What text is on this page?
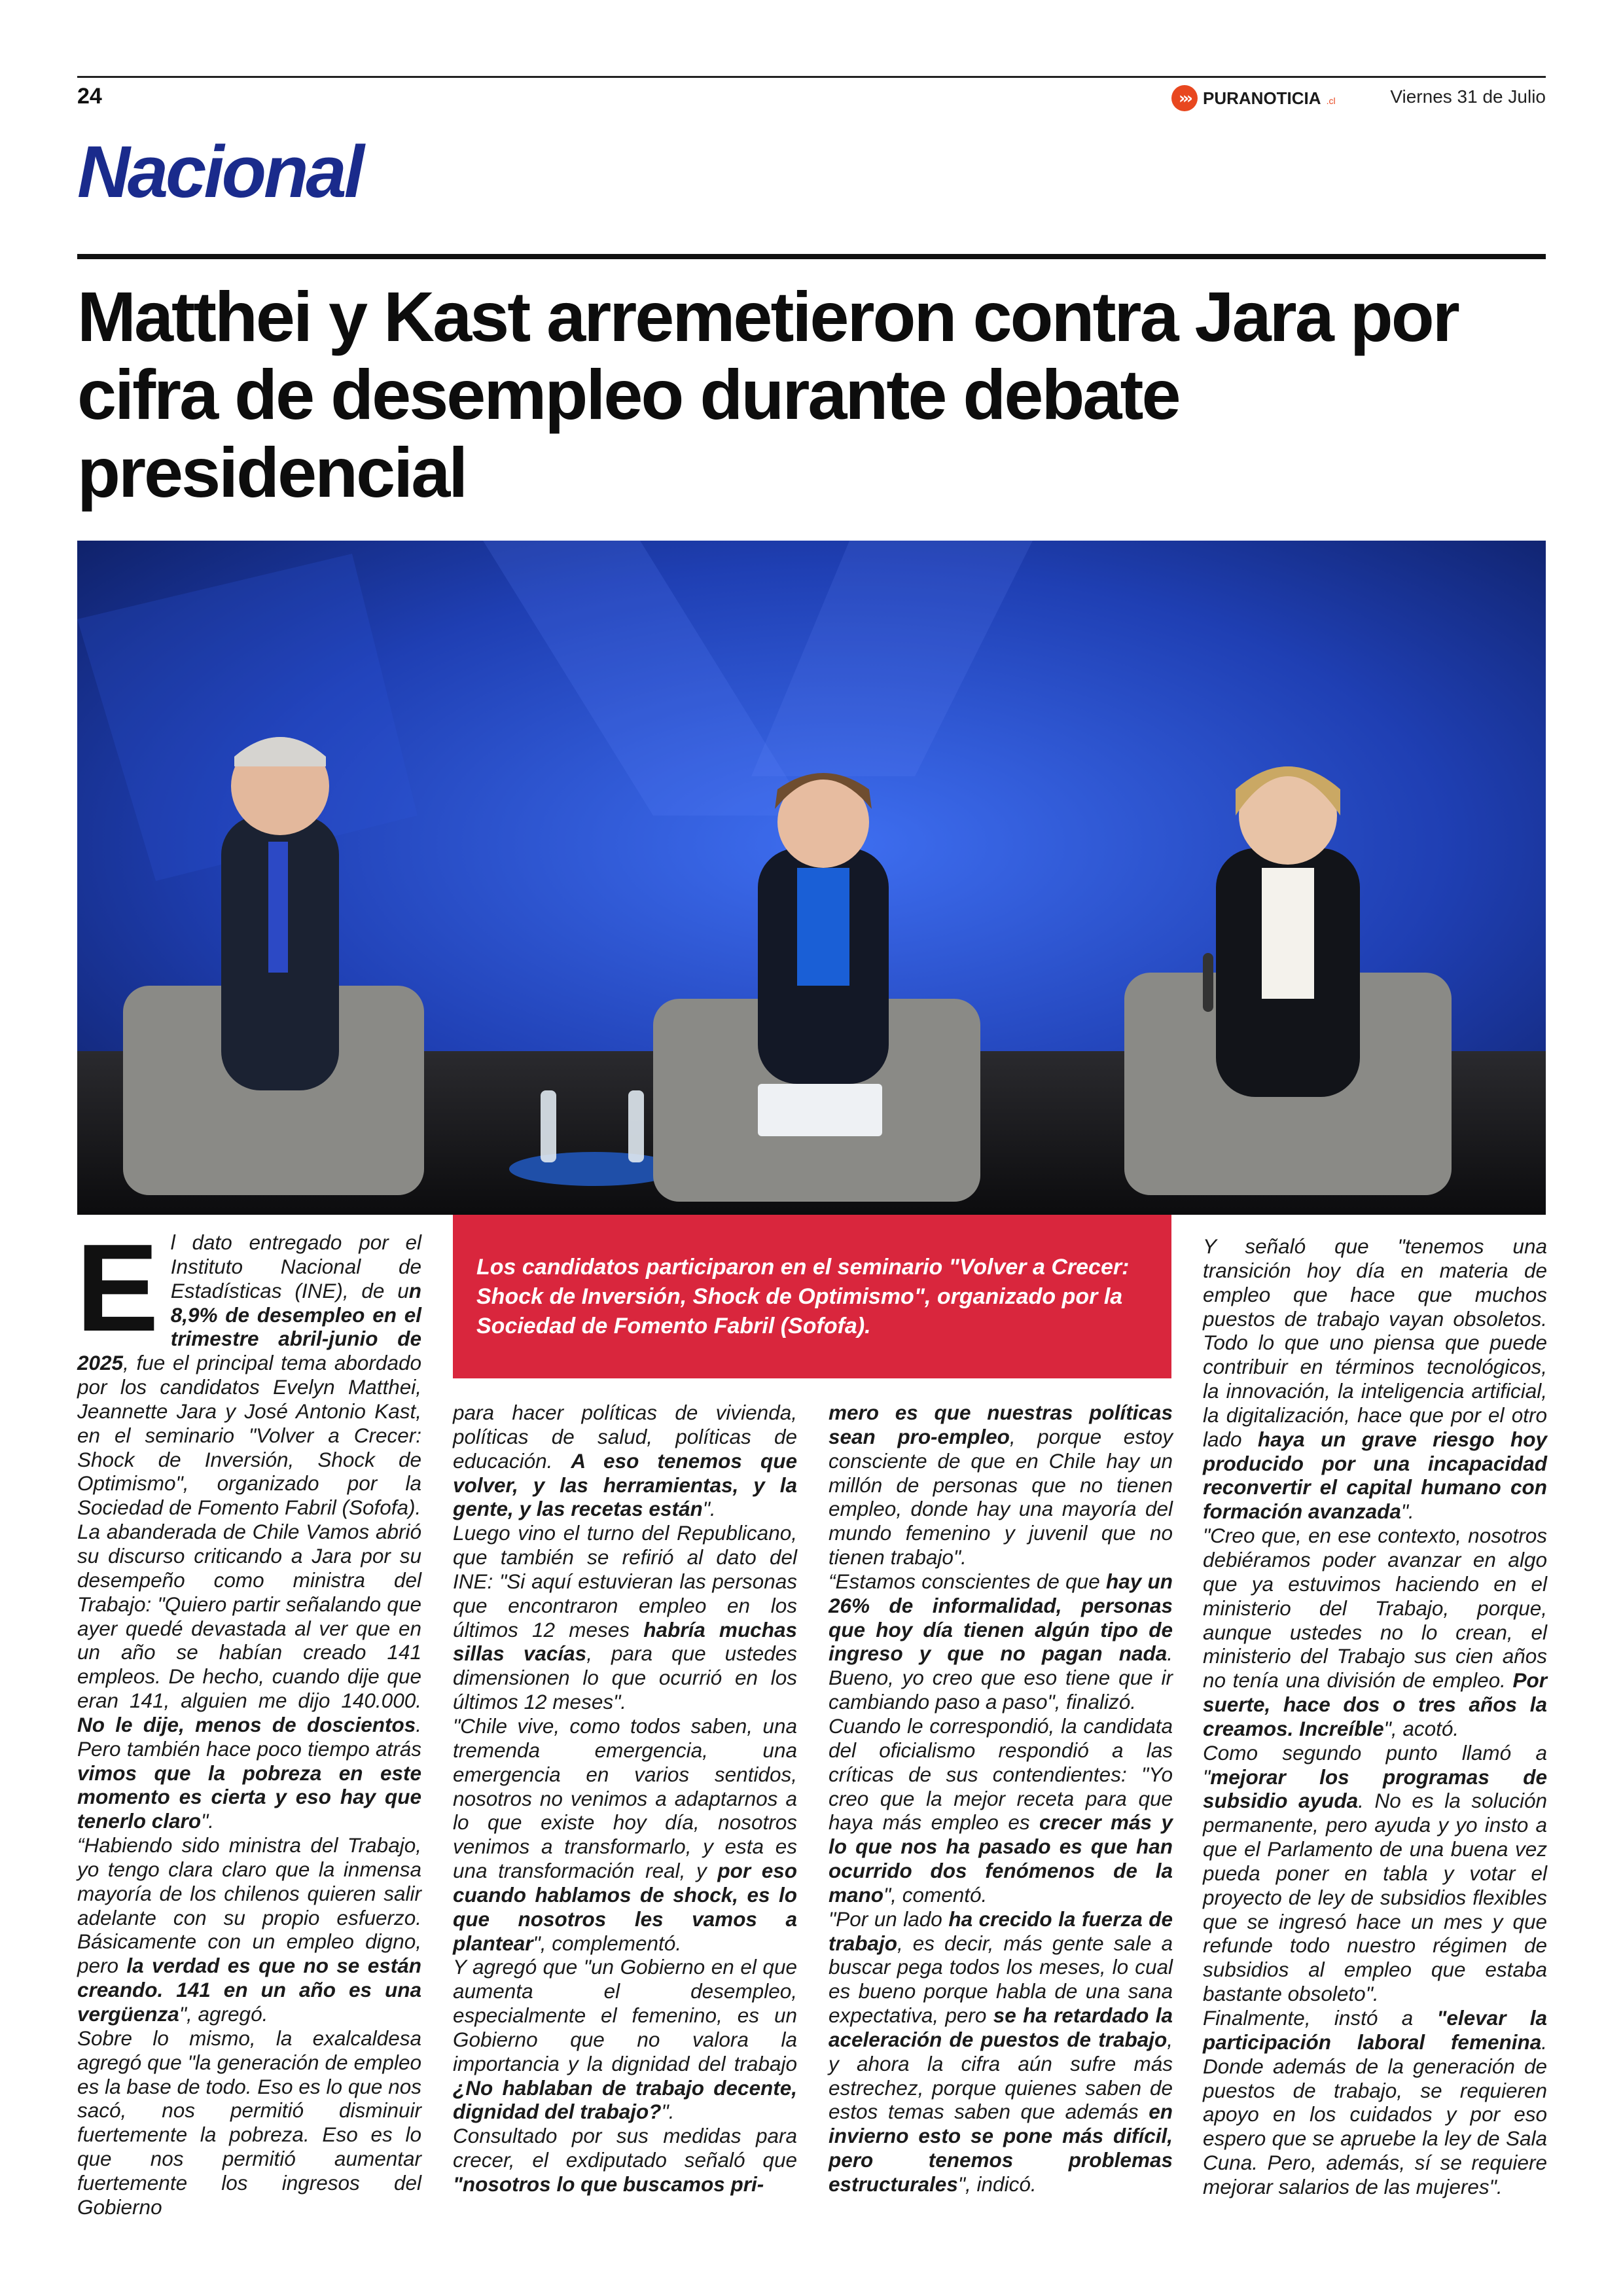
24	››› PURANOTICIA .cl	Viernes 31 de Julio
Nacional
Matthei y Kast arremetieron contra Jara por cifra de desempleo durante debate presidencial
Los candidatos participaron en el seminario "Volver a Crecer: Shock de Inversión, Shock de Optimismo", organizado por la Sociedad de Fomento Fabril (Sofofa).
E l dato entregado por el Instituto Nacional de Estadísticas (INE), de un 8,9% de desempleo en el trimestre abril-junio de 2025, fue el principal tema abordado por los candidatos Evelyn Matthei, Jeannette Jara y José Antonio Kast, en el seminario "Volver a Crecer: Shock de Inversión, Shock de Optimismo", organizado por la Sociedad de Fomento Fabril (Sofofa).

La abanderada de Chile Vamos abrió su discurso criticando a Jara por su desempeño como ministra del Trabajo: "Quiero partir señalando que ayer quedé devastada al ver que en un año se habían creado 141 empleos. De hecho, cuando dije que eran 141, alguien me dijo 140.000. No le dije, menos de doscientos. Pero también hace poco tiempo atrás vimos que la pobreza en este momento es cierta y eso hay que tenerlo claro".

“Habiendo sido ministra del Trabajo, yo tengo clara claro que la inmensa mayoría de los chilenos quieren salir adelante con su propio esfuerzo. Básicamente con un empleo digno, pero la verdad es que no se están creando. 141 en un año es una vergüenza", agregó.

Sobre lo mismo, la exalcaldesa agregó que "la generación de empleo es la base de todo. Eso es lo que nos sacó, nos permitió disminuir fuertemente la pobreza. Eso es lo que nos permitió aumentar fuertemente los ingresos del Gobierno

para hacer políticas de vivienda, políticas de salud, políticas de educación. A eso tenemos que volver, y las herramientas, y la gente, y las recetas están".

Luego vino el turno del Republicano, que también se refirió al dato del INE: "Si aquí estuvieran las personas que encontraron empleo en los últimos 12 meses habría muchas sillas vacías, para que ustedes dimensionen lo que ocurrió en los últimos 12 meses".

"Chile vive, como todos saben, una tremenda emergencia, una emergencia en varios sentidos, nosotros no venimos a adaptarnos a lo que existe hoy día, nosotros venimos a transformarlo, y esta es una transformación real, y por eso cuando hablamos de shock, es lo que nosotros les vamos a plantear", complementó.

Y agregó que "un Gobierno en el que aumenta el desempleo, especialmente el femenino, es un Gobierno que no valora la importancia y la dignidad del trabajo ¿No hablaban de trabajo decente, dignidad del trabajo?".

Consultado por sus medidas para crecer, el exdiputado señaló que "nosotros lo que buscamos pri-

mero es que nuestras políticas sean pro-empleo, porque estoy consciente de que en Chile hay un millón de personas que no tienen empleo, donde hay una mayoría del mundo femenino y juvenil que no tienen trabajo".

“Estamos conscientes de que hay un 26% de informalidad, personas que hoy día tienen algún tipo de ingreso y que no pagan nada. Bueno, yo creo que eso tiene que ir cambiando paso a paso", finalizó.

Cuando le correspondió, la candidata del oficialismo respondió a las críticas de sus contendientes: "Yo creo que la mejor receta para que haya más empleo es crecer más y lo que nos ha pasado es que han ocurrido dos fenómenos de la mano", comentó.

"Por un lado ha crecido la fuerza de trabajo, es decir, más gente sale a buscar pega todos los meses, lo cual es bueno porque habla de una sana expectativa, pero se ha retardado la aceleración de puestos de trabajo, y ahora la cifra aún sufre más estrechez, porque quienes saben de estos temas saben que además en invierno esto se pone más difícil, pero tenemos problemas estructurales", indicó.

Y señaló que "tenemos una transición hoy día en materia de empleo que hace que muchos puestos de trabajo vayan obsoletos. Todo lo que uno piensa que puede contribuir en términos tecnológicos, la innovación, la inteligencia artificial, la digitalización, hace que por el otro lado haya un grave riesgo hoy producido por una incapacidad reconvertir el capital humano con formación avanzada".

"Creo que, en ese contexto, nosotros debiéramos poder avanzar en algo que ya estuvimos haciendo en el ministerio del Trabajo, porque, aunque ustedes no lo crean, el ministerio del Trabajo sus cien años no tenía una división de empleo. Por suerte, hace dos o tres años la creamos. Increíble", acotó.

Como segundo punto llamó a "mejorar los programas de subsidio ayuda. No es la solución permanente, pero ayuda y yo insto a que el Parlamento de una buena vez pueda poner en tabla y votar el proyecto de ley de subsidios flexibles que se ingresó hace un mes y que refunde todo nuestro régimen de subsidios al empleo que estaba bastante obsoleto".

Finalmente, instó a "elevar la participación laboral femenina. Donde además de la generación de puestos de trabajo, se requieren apoyo en los cuidados y por eso espero que se apruebe la ley de Sala Cuna. Pero, además, sí se requiere mejorar salarios de las mujeres".
